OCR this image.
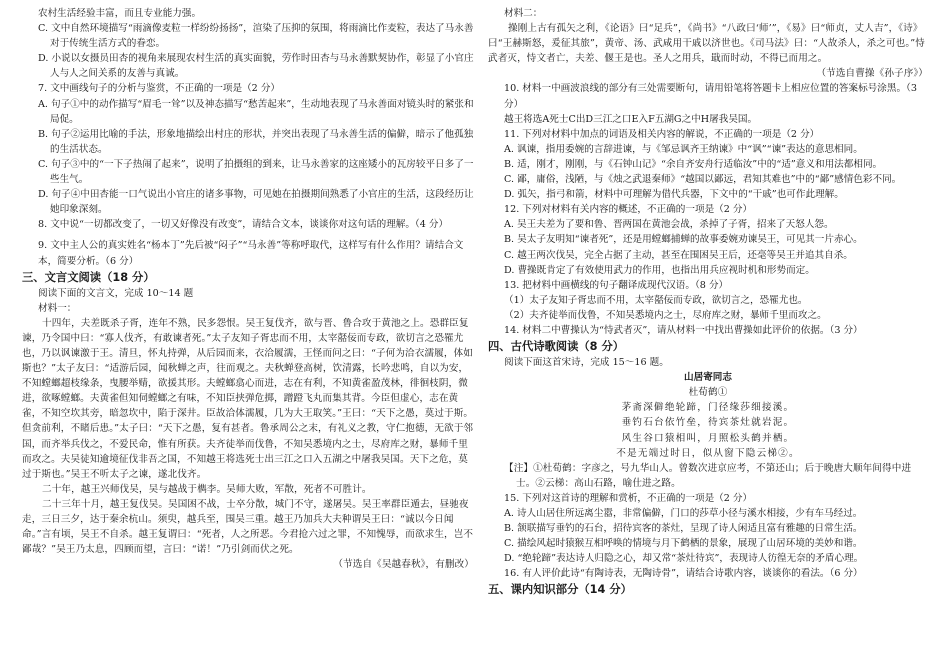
农村生活经验丰富，而且专业能力强。

C. 文中自然环境描写“雨滴像麦粒一样纷纷扬扬”，渲染了压抑的氛围，将雨滴比作麦粒，表达了马永善对于传统生活方式的眷恋。

D. 小说以女摄员田杏的视角来展现农村生活的真实面貌，劳作时田杏与马永善默契协作，彰显了小官庄人与人之间关系的友善与真诚。

7. 文中画线句子的分析与鉴赏，不正确的一项是（2 分）

A. 句子①中的动作描写“眉毛一耸”以及神态描写“愁苦起来”，生动地表现了马永善面对镜头时的紧张和局促。

B. 句子②运用比喻的手法，形象地描绘出村庄的形状，并突出表现了马永善生活的偏僻，暗示了他孤独的生活状态。

C. 句子③中的“一下子热闹了起来”，说明了拍摄组的到来，让马永善家的这座矮小的瓦房较平日多了一些生气。

D. 句子④中田杏能一口气说出小官庄的诸多事物，可见她在拍摄期间熟悉了小官庄的生活，这段经历让她印象深刻。

8. 文中说“一切都改变了，一切又好像没有改变”，请结合文本，谈谈你对这句话的理解。（4 分）

9. 文中主人公的真实姓名“杨本丁”先后被“闷子”“马永善”等称呼取代，这样写有什么作用？请结合文本，简要分析。（6 分）

三、文言文阅读（18 分）

阅读下面的文言文，完成 10～14 题

材料一：

十四年，夫差既杀子胥，连年不熟，民多怨恨。吴王复伐齐，欲与晋、鲁合攻于黄池之上。恐群臣复谏，乃令国中曰：“寡人伐齐，有敢谏者死。”太子友知子胥忠而不用，太宰嚭佞而专政，欲切言之恐罹尤也，乃以讽谏激于王。清旦，怀丸持弹，从后园而来，衣洽履濡，王怪而问之曰：“子何为洽衣濡履，体如斯也？”太子友曰：“适游后园，闻秋蝉之声，往而观之。夫秋蝉登高树，饮清露，长吟悲鸣，自以为安，不知螳螂超枝缘条，曳腰举䞍，欲援其形。夫螳螂翕心而进，志在有利，不知黄雀盈茂林，徘徊枝阴，微进，欲啄螳螂。夫黄雀但知伺螳螂之有味，不知臣挟弹危掷，蹭蹬飞丸而集其背。今臣但虚心，志在黄雀，不知空坎其旁，暗忽坎中，陷于深井。臣故洽体濡履，几为大王取笑。”王曰：“天下之愚，莫过于斯。但贪前利，不睹后患。”太子曰：“天下之愚，复有甚者。鲁承周公之末，有礼义之教，守仁抱德，无欲于邻国，而齐举兵伐之，不爱民命，惟有所获。夫齐徒举而伐鲁，不知吴悉境内之士，尽府库之财，暴师千里而攻之。夫吴徒知逾境征伐非吾之国，不知越王将选死士出三江之口入五湖之中屠我吴国。天下之危，莫过于斯也。”吴王不听太子之谏，遂北伐齐。

二十年，越王兴师伐吴，吴与越战于檇李。吴师大败，军散，死者不可胜计。

二十三年十月，越王复伐吴。吴国困不战，士卒分散，城门不守，遂屠吴。吴王率群臣遁去，昼驰夜走，三日三夕，达于秦余杭山。须臾，越兵至，围吴三重。越王乃加兵大夫种谓吴王曰：“诚以今日闻命。”言有顷，吴王不自杀。越王复谓曰：“死者，人之所恶。今君抢六过之罪，不知愧辱，而欲求生，岂不鄙哉？”吴王乃太息，四顾而望，言曰：“诺！”乃引剑而伏之死。

（节选自《吴越春秋》，有删改）

材料二：

操刚上古有孤矢之利，《论语》曰“足兵”，《尚书》“八政曰‘师’”，《易》曰“师贞，丈人吉”，《诗》曰“王赫斯怒，爰征其旅”，黄帝、汤、武咸用干戚以济世也。《司马法》曰：“人故杀人，杀之可也。”恃武者灭，恃文者亡，夫差、偃王是也。圣人之用兵，戢而时动，不得已而用之。

（节选自曹操《孙子序》）

10. 材料一中画波浪线的部分有三处需要断句，请用铅笔将答题卡上相应位置的答案标号涂黑。（3 分）

越王将选A死士C出D三江之口E入F五湖G之中H屠我吴国。

11. 下列对材料中加点的词语及相关内容的解说，不正确的一项是（2 分）

A. 讽谏，指用委婉的言辞进谏，与《邹忌讽齐王纳谏》中“讽”“谏”表达的意思相同。

B. 适，刚才，刚刚，与《石钟山记》“余自齐安舟行适临汝”中的“适”意义和用法都相同。

C. 鄙，庸俗，浅陋，与《烛之武退秦师》“越国以鄙远，君知其难也”中的“鄙”感情色彩不同。

D. 弧矢，指弓和箭，材料中可理解为借代兵器，下文中的“干戚”也可作此理解。

12. 下列对材料有关内容的概述，不正确的一项是（2 分）

A. 吴王夫差为了要和鲁、晋两国在黄池会战，杀掉了子胥，招来了天怒人怨。

B. 吴太子友明知“谏者死”，还是用螳螂捕蝉的故事委婉劝谏吴王，可见其一片赤心。

C. 越王两次伐吴，完全占据了主动，甚至在围困吴王后，还毫等吴王并追其自杀。

D. 曹操既肯定了有效使用武力的作用，也指出用兵应视时机和形势而定。

13. 把材料中画横线的句子翻译成现代汉语。（8 分）

（1）太子友知子胥忠而不用，太宰嚭佞而专政，欲切言之，恐罹尤也。

（2）夫齐徒举而伐鲁，不知吴悉境内之士，尽府库之财，暴师千里而攻之。

14. 材料二中曹操认为“恃武者灭”，请从材料一中找出曹操如此评价的依据。（3 分）

四、古代诗歌阅读（8 分）

阅读下面这首宋诗，完成 15～16 题。

山居寄同志

杜荀鹤①

茅斋深僻绝轮蹄，门径缘莎细接溪。

垂钓石台依竹垒，待宾茶灶就岩泥。

风生谷口猿相叫，月照松头鹤并栖。

不是无端过时日，似从窗下隐云梯②。

【注】①杜荀鹤：字彦之，号九华山人。曾数次进京应考，不第还山；后于晚唐大顺年间得中进士。②云梯：高山石路，喻仕进之路。

15. 下列对这首诗的理解和赏析，不正确的一项是（2 分）

A. 诗人山居住所远离尘嚣，非常偏僻，门口的莎草小径与溪水相接，少有车马经过。

B. 颔联描写垂钓的石台，招待宾客的茶灶，呈现了诗人闲适且富有雅趣的日常生活。

C. 描绘风起时猿猴互相呼唤的情境与月下鹤栖的景象，展现了山居环境的美妙和谐。

D. “绝轮蹄”表达诗人归隐之心，却又常“茶灶待宾”，表现诗人彷徨无奈的矛盾心理。

16. 有人评价此诗“有陶诗表，无陶诗骨”，请结合诗歌内容，谈谈你的看法。（6 分）

五、课内知识部分（14 分）
